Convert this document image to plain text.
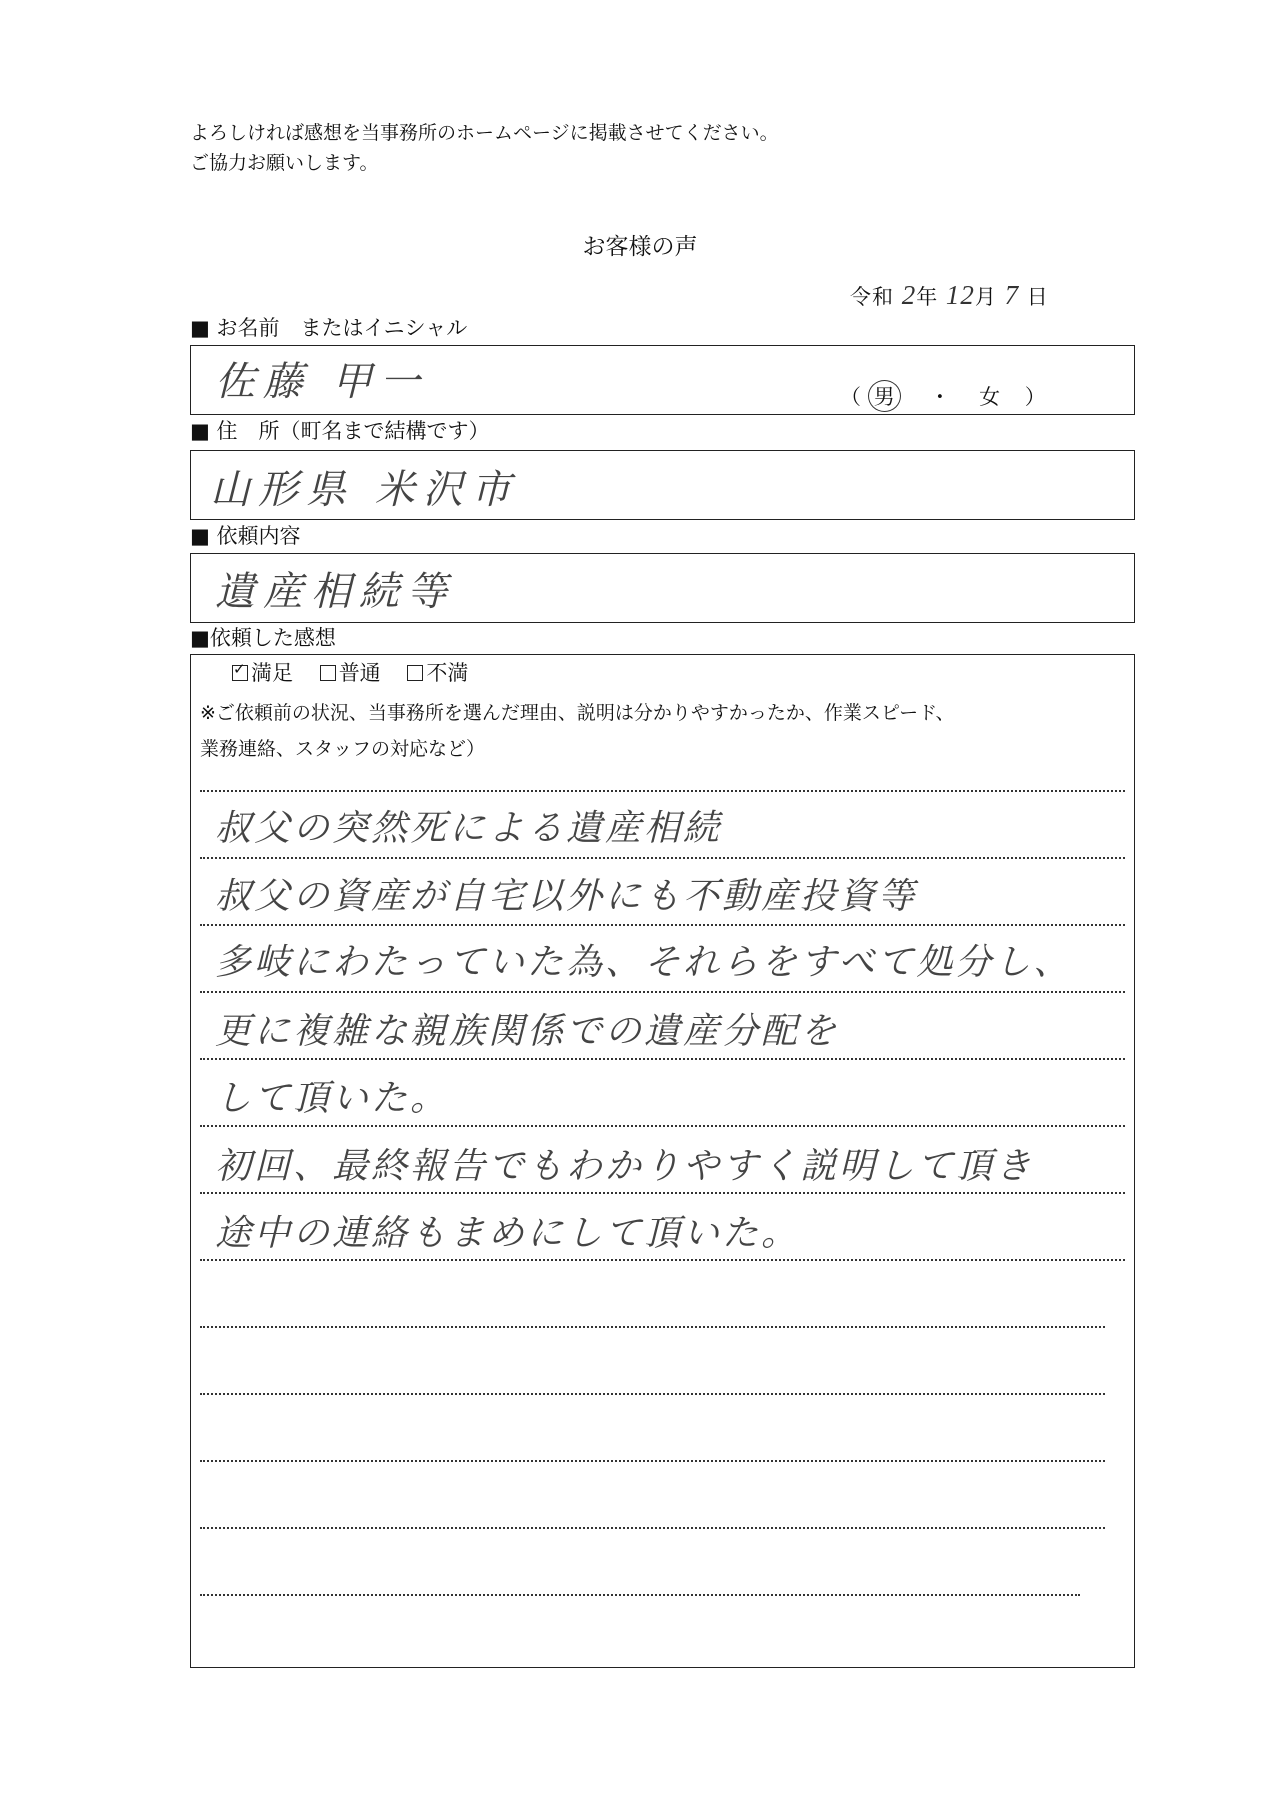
よろしければ感想を当事務所のホームページに掲載させてください。
ご協力お願いします。
お客様の声
令和 2年 12月 7 日
■ お名前　またはイニシャル
佐藤 甲一	（ 男 ・ 女 ）
■ 住　所（町名まで結構です）
山形県 米沢市
■ 依頼内容
遺産相続等
■依頼した感想
✓満足 普通 不満
※ご依頼前の状況、当事務所を選んだ理由、説明は分かりやすかったか、作業スピード、
業務連絡、スタッフの対応など）
叔父の突然死による遺産相続
叔父の資産が自宅以外にも不動産投資等
多岐にわたっていた為、それらをすべて処分し、
更に複雑な親族関係での遺産分配を
して頂いた。
初回、最終報告でもわかりやすく説明して頂き
途中の連絡もまめにして頂いた。
